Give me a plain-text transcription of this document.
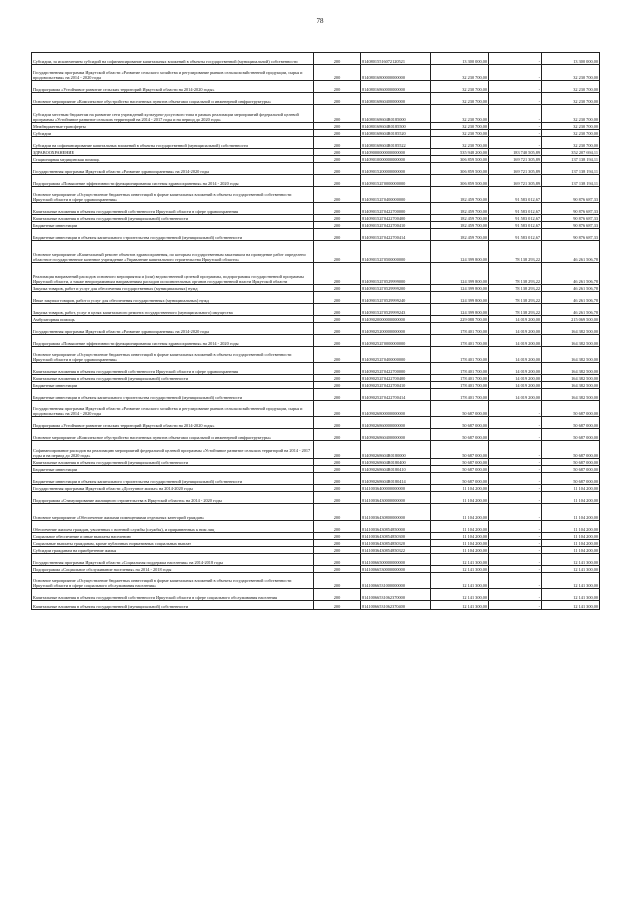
78
Субсидии, за исключением субсидий на софинансирование капитальных вложений в объекты государственной (муниципальной) собственности	200	81408015516072120521	13 300 000,00	-	13 300 000,00
Государственная программа Иркутской области «Развитие сельского хозяйства и регулирование рынков сельскохозяйственной продукции, сырья и продовольствия» на 2014 - 2020 годы	200	81408016800000000000	32 230 700,00	-	32 230 700,00
Подпрограмма «Устойчивое развитие сельских территорий Иркутской области на 2014-2020 годы»	200	81408016860000000000	32 230 700,00	-	32 230 700,00
Основное мероприятие «Комплексное обустройство населенных пунктов объектами социальной и инженерной инфраструктуры»	200	81408016860400000000	32 230 700,00	-	32 230 700,00
Субсидии местным бюджетам на развитие сети учреждений культурно-досугового типа в рамках реализации мероприятий федеральной целевой программы «Устойчивое развитие сельских территорий на 2014 - 2017 годы и на период до 2020 года»	200	814080168604R0185000	32 230 700,00	-	32 230 700,00
Межбюджетные трансферты	200	814080168604R0185500	32 230 700,00	-	32 230 700,00
Субсидии	200	814080168604R0185520	32 230 700,00	-	32 230 700,00
Субсидии на софинансирование капитальных вложений в объекты государственной (муниципальной) собственности	200	814080168604R0185522	32 230 700,00	-	32 230 700,00
ЗДРАВООХРАНЕНИЕ	200	81409000000000000000	535 948 200,00	183 740 505,89	352 207 694,11
Стационарная медицинская помощь	200	81409010000000000000	306 859 500,00	169 721 305,89	137 138 194,11
Государственная программа Иркутской области «Развитие здравоохранения» на 2014-2020 годы	200	81409015200000000000	306 859 500,00	169 721 305,89	137 138 194,11
Подпрограмма «Повышение эффективности функционирования системы здравоохранения» на 2014 - 2020 годы	200	814090152Г0000000000	306 859 500,00	169 721 305,89	137 138 194,11
Основное мероприятие «Осуществление бюджетных инвестиций в форме капитальных вложений в объекты государственной собственности Иркутской области в сфере здравоохранения»	200	814090152Г0400000000	182 459 700,00	91 583 012,67	90 876 687,33
Капитальные вложения в объекты государственной собственности Иркутской области в сфере здравоохранения	200	814090152Г0422700000	182 459 700,00	91 583 012,67	90 876 687,33
Капитальные вложения в объекты государственной (муниципальной) собственности	200	814090152Г0422700400	182 459 700,00	91 583 012,67	90 876 687,33
Бюджетные инвестиции	200	814090152Г0422700410	182 459 700,00	91 583 012,67	90 876 687,33
Бюджетные инвестиции в объекты капитального строительства государственной (муниципальной) собственности	200	814090152Г0422700414	182 459 700,00	91 583 012,67	90 876 687,33
Основное мероприятие «Капитальный ремонт объектов здравоохранения, по которым государственным заказчиком на проведение работ определено областное государственное казенное учреждение «Управление капитального строительства Иркутской области»	200	814090152Г0500000000	124 399 800,00	78 138 293,22	46 261 506,78
Реализация направлений расходов основного мероприятия и (или) ведомственной целевой программы, подпрограммы государственной программы Иркутской области, а также непрограммным направлениям расходов исполнительных органов государственной власти Иркутской области	200	814090152Г0529999000	124 399 800,00	78 138 293,22	46 261 506,78
Закупка товаров, работ и услуг для обеспечения государственных (муниципальных) нужд	200	814090152Г0529999200	124 399 800,00	78 138 293,22	46 261 506,78
Иные закупки товаров, работ и услуг для обеспечения государственных (муниципальных) нужд	200	814090152Г0529999240	124 399 800,00	78 138 293,22	46 261 506,78
Закупка товаров, работ, услуг в целях капитального ремонта государственного (муниципального) имущества	200	814090152Г0529999243	124 399 800,00	78 138 293,22	46 261 506,78
Амбулаторная помощь	200	81409020000000000000	229 088 700,00	14 019 200,00	215 069 500,00
Государственная программа Иркутской области «Развитие здравоохранения» на 2014-2020 годы	200	81409025200000000000	178 401 700,00	14 019 200,00	164 382 500,00
Подпрограмма «Повышение эффективности функционирования системы здравоохранения» на 2014 - 2020 годы	200	814090252Г0000000000	178 401 700,00	14 019 200,00	164 382 500,00
Основное мероприятие «Осуществление бюджетных инвестиций в форме капитальных вложений в объекты государственной собственности Иркутской области в сфере здравоохранения»	200	814090252Г0400000000	178 401 700,00	14 019 200,00	164 382 500,00
Капитальные вложения в объекты государственной собственности Иркутской области в сфере здравоохранения	200	814090252Г0422700000	178 401 700,00	14 019 200,00	164 382 500,00
Капитальные вложения в объекты государственной (муниципальной) собственности	200	814090252Г0422700400	178 401 700,00	14 019 200,00	164 382 500,00
Бюджетные инвестиции	200	814090252Г0422700410	178 401 700,00	14 019 200,00	164 382 500,00
Бюджетные инвестиции в объекты капитального строительства государственной (муниципальной) собственности	200	814090252Г0422700414	178 401 700,00	14 019 200,00	164 382 500,00
Государственная программа Иркутской области «Развитие сельского хозяйства и регулирование рынков сельскохозяйственной продукции, сырья и продовольствия» на 2014 - 2020 годы	200	81409026800000000000	50 687 000,00	-	50 687 000,00
Подпрограмма «Устойчивое развитие сельских территорий Иркутской области на 2014-2020 годы»	200	81409026860000000000	50 687 000,00	-	50 687 000,00
Основное мероприятие «Комплексное обустройство населенных пунктов объектами социальной и инженерной инфраструктуры»	200	81409026860400000000	50 687 000,00	-	50 687 000,00
Софинансирование расходов на реализацию мероприятий федеральной целевой программы «Устойчивое развитие сельских территорий на 2014 - 2017 годы и на период до 2020 года»	200	814090268604R0180000	50 687 000,00	-	50 687 000,00
Капитальные вложения в объекты государственной (муниципальной) собственности	200	814090268604R0180400	50 687 000,00	-	50 687 000,00
Бюджетные инвестиции	200	814090268604R0180410	50 687 000,00	-	50 687 000,00
Бюджетные инвестиции в объекты капитального строительства государственной (муниципальной) собственности	200	814090268604R0180414	50 687 000,00	-	50 687 000,00
Государственная программа Иркутской области «Доступное жилье» на 2014-2020 годы	200	81410036400000000000	11 104 200,00	-	11 104 200,00
Подпрограмма «Стимулирование жилищного строительства в Иркутской области» на 2014 - 2020 годы	200	81410036430000000000	11 104 200,00	-	11 104 200,00
Основное мероприятие «Обеспечение жилыми помещениями отдельных категорий граждан»	200	81410036430800000000	11 104 200,00	-	11 104 200,00
Обеспечение жильем граждан, уволенных с военной службы (службы), и приравненных к ним лиц	200	81410036430854850000	11 104 200,00	-	11 104 200,00
Социальное обеспечение и иные выплаты населению	200	81410036430854850300	11 104 200,00	-	11 104 200,00
Социальные выплаты гражданам, кроме публичных нормативных социальных выплат	200	81410036430854850320	11 104 200,00	-	11 104 200,00
Субсидии гражданам на приобретение жилья	200	81410036430854850322	11 104 200,00	-	11 104 200,00
Государственная программа Иркутской области «Социальная поддержка населения» на 2014-2018 годы	200	81410066500000000000	12 141 300,00	-	12 141 300,00
Подпрограмма «Социальное обслуживание населения» на 2014 - 2018 годы	200	81410066530000000000	12 141 300,00	-	12 141 300,00
Основное мероприятие «Осуществление бюджетных инвестиций в форме капитальных вложений в объекты государственной собственности Иркутской области в сфере социального обслуживания населения»	200	81410066531000000000	12 141 300,00	-	12 141 300,00
Капитальные вложения в объекты государственной собственности Иркутской области в сфере социального обслуживания населения	200	81410066531062370000	12 141 300,00	-	12 141 300,00
Капитальные вложения в объекты государственной (муниципальной) собственности	200	81410066531062370400	12 141 300,00	-	12 141 300,00
